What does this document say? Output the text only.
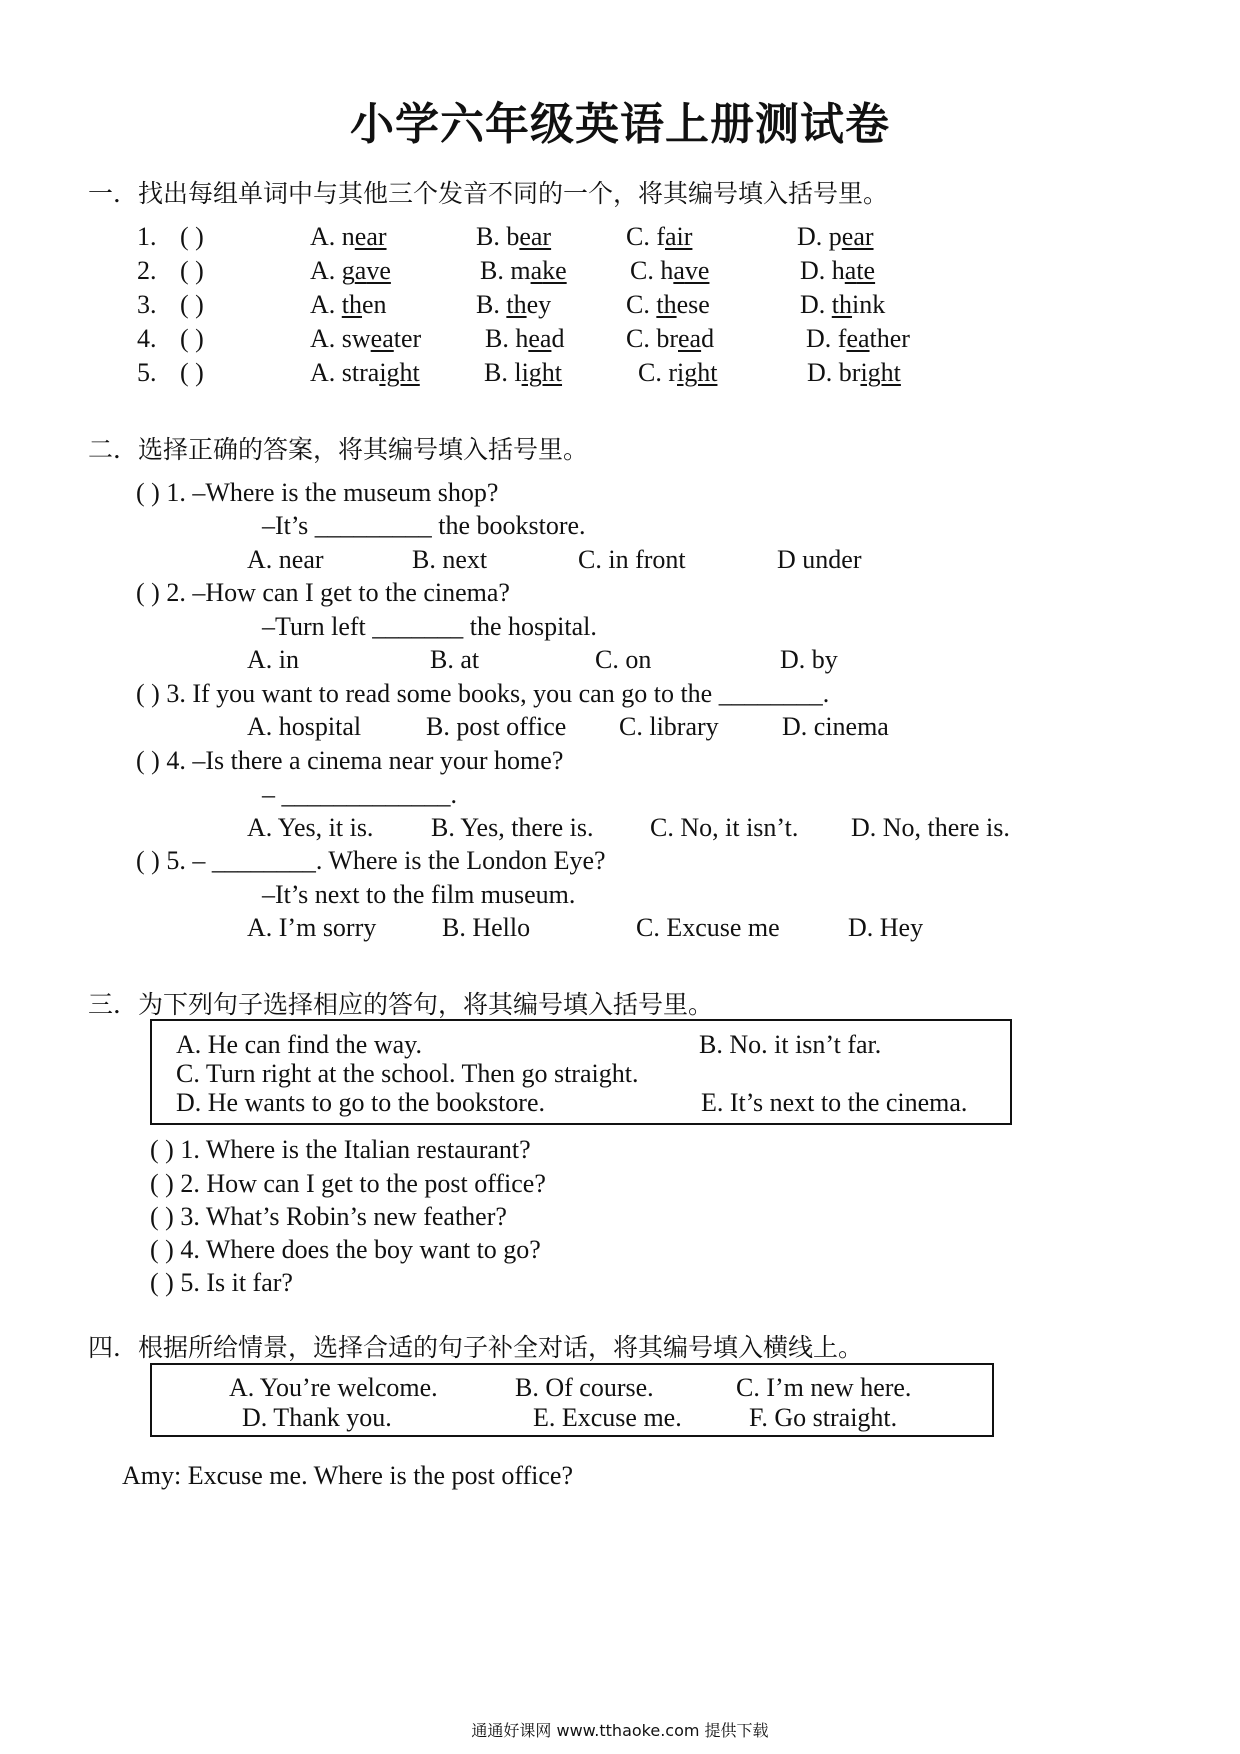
小学六年级英语上册测试卷
一．找出每组单词中与其他三个发音不同的一个，将其编号填入括号里。
1. ( )	A. near	B. bear	C. fair	D. pear
2. ( )	A. gave	B. make C. have	D. hate
3. ( )	A. then	B. they	C. these	D. think
4. ( )	A. sweater B. head C. bread	D. feather
5. ( )	A. straight B. light	C. right	D. bright
二．选择正确的答案，将其编号填入括号里。
( ) 1. –Where is the museum shop?
–It’s _________ the bookstore.
A. near	B. next	C. in front	D under
( ) 2. –How can I get to the cinema?
–Turn left _______ the hospital.
A. in	B. at	C. on	D. by
( ) 3. If you want to read some books, you can go to the ________.
A. hospital B. post office C. library D. cinema
( ) 4. –Is there a cinema near your home?
– _____________.
A. Yes, it is. B. Yes, there is. C. No, it isn’t. D. No, there is.
( ) 5. – ________. Where is the London Eye?
–It’s next to the film museum.
A. I’m sorry	B. Hello	C. Excuse me	D. Hey
三．为下列句子选择相应的答句，将其编号填入括号里。
A. He can find the way.	B. No. it isn’t far.
C. Turn right at the school. Then go straight.
D. He wants to go to the bookstore.	E. It’s next to the cinema.
( ) 1. Where is the Italian restaurant?
( ) 2. How can I get to the post office?
( ) 3. What’s Robin’s new feather?
( ) 4. Where does the boy want to go?
( ) 5. Is it far?
四．根据所给情景，选择合适的句子补全对话，将其编号填入横线上。
A. You’re welcome.	B. Of course.	C. I’m new here.
D. Thank you.	E. Excuse me.	F. Go straight.
Amy: Excuse me. Where is the post office?
通通好课网 www.tthaoke.com 提供下载
